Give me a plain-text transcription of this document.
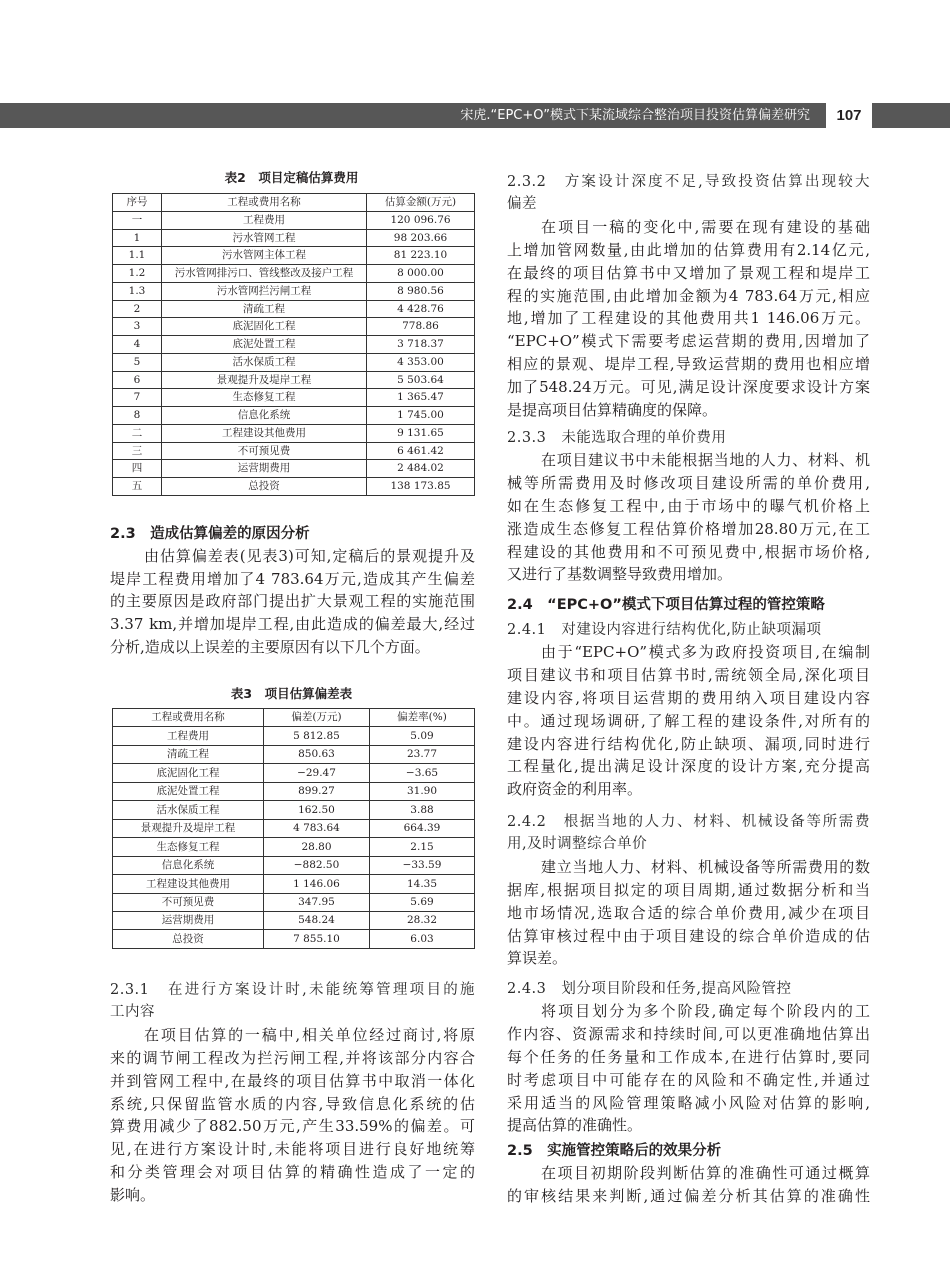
宋虎.“EPC+O”模式下某流域综合整治项目投资估算偏差研究	107
表2　项目定稿估算费用
序号	工程或费用名称	估算金额(万元)
一	工程费用	120 096.76
1	污水管网工程	98 203.66
1.1	污水管网主体工程	81 223.10
1.2	污水管网排污口、管线整改及接户工程	8 000.00
1.3	污水管网拦污闸工程	8 980.56
2	清疏工程	4 428.76
3	底泥固化工程	778.86
4	底泥处置工程	3 718.37
5	活水保质工程	4 353.00
6	景观提升及堤岸工程	5 503.64
7	生态修复工程	1 365.47
8	信息化系统	1 745.00
二	工程建设其他费用	9 131.65
三	不可预见费	6 461.42
四	运营期费用	2 484.02
五	总投资	138 173.85
2.3　造成估算偏差的原因分析
由估算偏差表(见表3)可知,定稿后的景观提升及
堤岸工程费用增加了4 783.64万元,造成其产生偏差
的主要原因是政府部门提出扩大景观工程的实施范围
3.37 km,并增加堤岸工程,由此造成的偏差最大,经过
分析,造成以上误差的主要原因有以下几个方面。
表3　项目估算偏差表
工程或费用名称	偏差(万元)	偏差率(%)
工程费用	5 812.85	5.09
清疏工程	850.63	23.77
底泥固化工程	−29.47	−3.65
底泥处置工程	899.27	31.90
活水保质工程	162.50	3.88
景观提升及堤岸工程	4 783.64	664.39
生态修复工程	28.80	2.15
信息化系统	−882.50	−33.59
工程建设其他费用	1 146.06	14.35
不可预见费	347.95	5.69
运营期费用	548.24	28.32
总投资	7 855.10	6.03
2.3.1　在进行方案设计时,未能统筹管理项目的施
工内容
在项目估算的一稿中,相关单位经过商讨,将原
来的调节闸工程改为拦污闸工程,并将该部分内容合
并到管网工程中,在最终的项目估算书中取消一体化
系统,只保留监管水质的内容,导致信息化系统的估
算费用减少了882.50万元,产生33.59%的偏差。可
见,在进行方案设计时,未能将项目进行良好地统筹
和分类管理会对项目估算的精确性造成了一定的
影响。
2.3.2　方案设计深度不足,导致投资估算出现较大
偏差
在项目一稿的变化中,需要在现有建设的基础
上增加管网数量,由此增加的估算费用有2.14亿元,
在最终的项目估算书中又增加了景观工程和堤岸工
程的实施范围,由此增加金额为4 783.64万元,相应
地,增加了工程建设的其他费用共1 146.06万元。
“EPC+O”模式下需要考虑运营期的费用,因增加了
相应的景观、堤岸工程,导致运营期的费用也相应增
加了548.24万元。可见,满足设计深度要求设计方案
是提高项目估算精确度的保障。
2.3.3　未能选取合理的单价费用
在项目建议书中未能根据当地的人力、材料、机
械等所需费用及时修改项目建设所需的单价费用,
如在生态修复工程中,由于市场中的曝气机价格上
涨造成生态修复工程估算价格增加28.80万元,在工
程建设的其他费用和不可预见费中,根据市场价格,
又进行了基数调整导致费用增加。
2.4　“EPC+O”模式下项目估算过程的管控策略
2.4.1　对建设内容进行结构优化,防止缺项漏项
由于“EPC+O”模式多为政府投资项目,在编制
项目建议书和项目估算书时,需统领全局,深化项目
建设内容,将项目运营期的费用纳入项目建设内容
中。通过现场调研,了解工程的建设条件,对所有的
建设内容进行结构优化,防止缺项、漏项,同时进行
工程量化,提出满足设计深度的设计方案,充分提高
政府资金的利用率。
2.4.2　根据当地的人力、材料、机械设备等所需费
用,及时调整综合单价
建立当地人力、材料、机械设备等所需费用的数
据库,根据项目拟定的项目周期,通过数据分析和当
地市场情况,选取合适的综合单价费用,减少在项目
估算审核过程中由于项目建设的综合单价造成的估
算误差。
2.4.3　划分项目阶段和任务,提高风险管控
将项目划分为多个阶段,确定每个阶段内的工
作内容、资源需求和持续时间,可以更准确地估算出
每个任务的任务量和工作成本,在进行估算时,要同
时考虑项目中可能存在的风险和不确定性,并通过
采用适当的风险管理策略减小风险对估算的影响,
提高估算的准确性。
2.5　实施管控策略后的效果分析
在项目初期阶段判断估算的准确性可通过概算
的审核结果来判断,通过偏差分析其估算的准确性
